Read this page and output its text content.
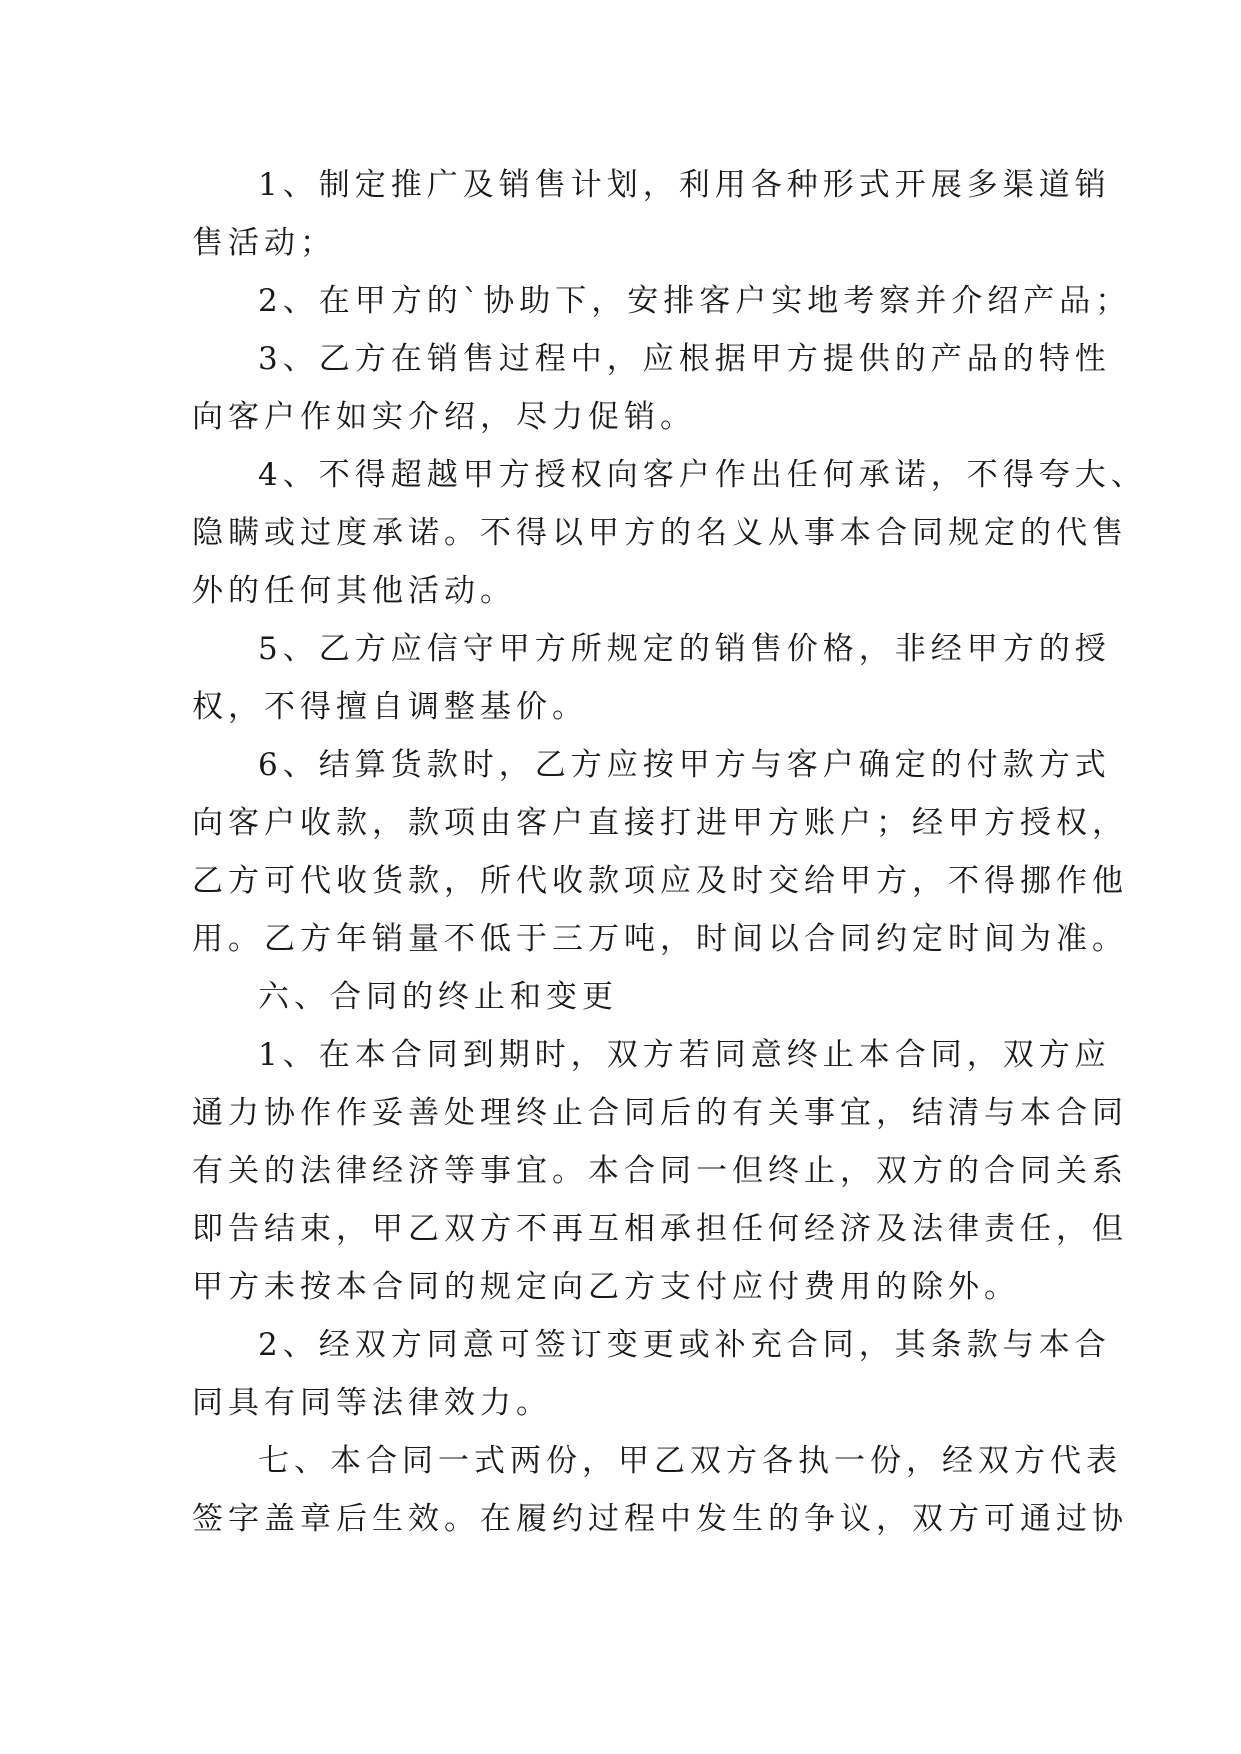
1、制定推广及销售计划，利用各种形式开展多渠道销
售活动；

2、在甲方的`协助下，安排客户实地考察并介绍产品；

3、乙方在销售过程中，应根据甲方提供的产品的特性
向客户作如实介绍，尽力促销。

4、不得超越甲方授权向客户作出任何承诺，不得夸大、
隐瞒或过度承诺。不得以甲方的名义从事本合同规定的代售
外的任何其他活动。

5、乙方应信守甲方所规定的销售价格，非经甲方的授
权，不得擅自调整基价。

6、结算货款时，乙方应按甲方与客户确定的付款方式
向客户收款，款项由客户直接打进甲方账户；经甲方授权，
乙方可代收货款，所代收款项应及时交给甲方，不得挪作他
用。乙方年销量不低于三万吨，时间以合同约定时间为准。

六、合同的终止和变更

1、在本合同到期时，双方若同意终止本合同，双方应
通力协作作妥善处理终止合同后的有关事宜，结清与本合同
有关的法律经济等事宜。本合同一但终止，双方的合同关系
即告结束，甲乙双方不再互相承担任何经济及法律责任，但
甲方未按本合同的规定向乙方支付应付费用的除外。

2、经双方同意可签订变更或补充合同，其条款与本合
同具有同等法律效力。

七、本合同一式两份，甲乙双方各执一份，经双方代表
签字盖章后生效。在履约过程中发生的争议，双方可通过协
